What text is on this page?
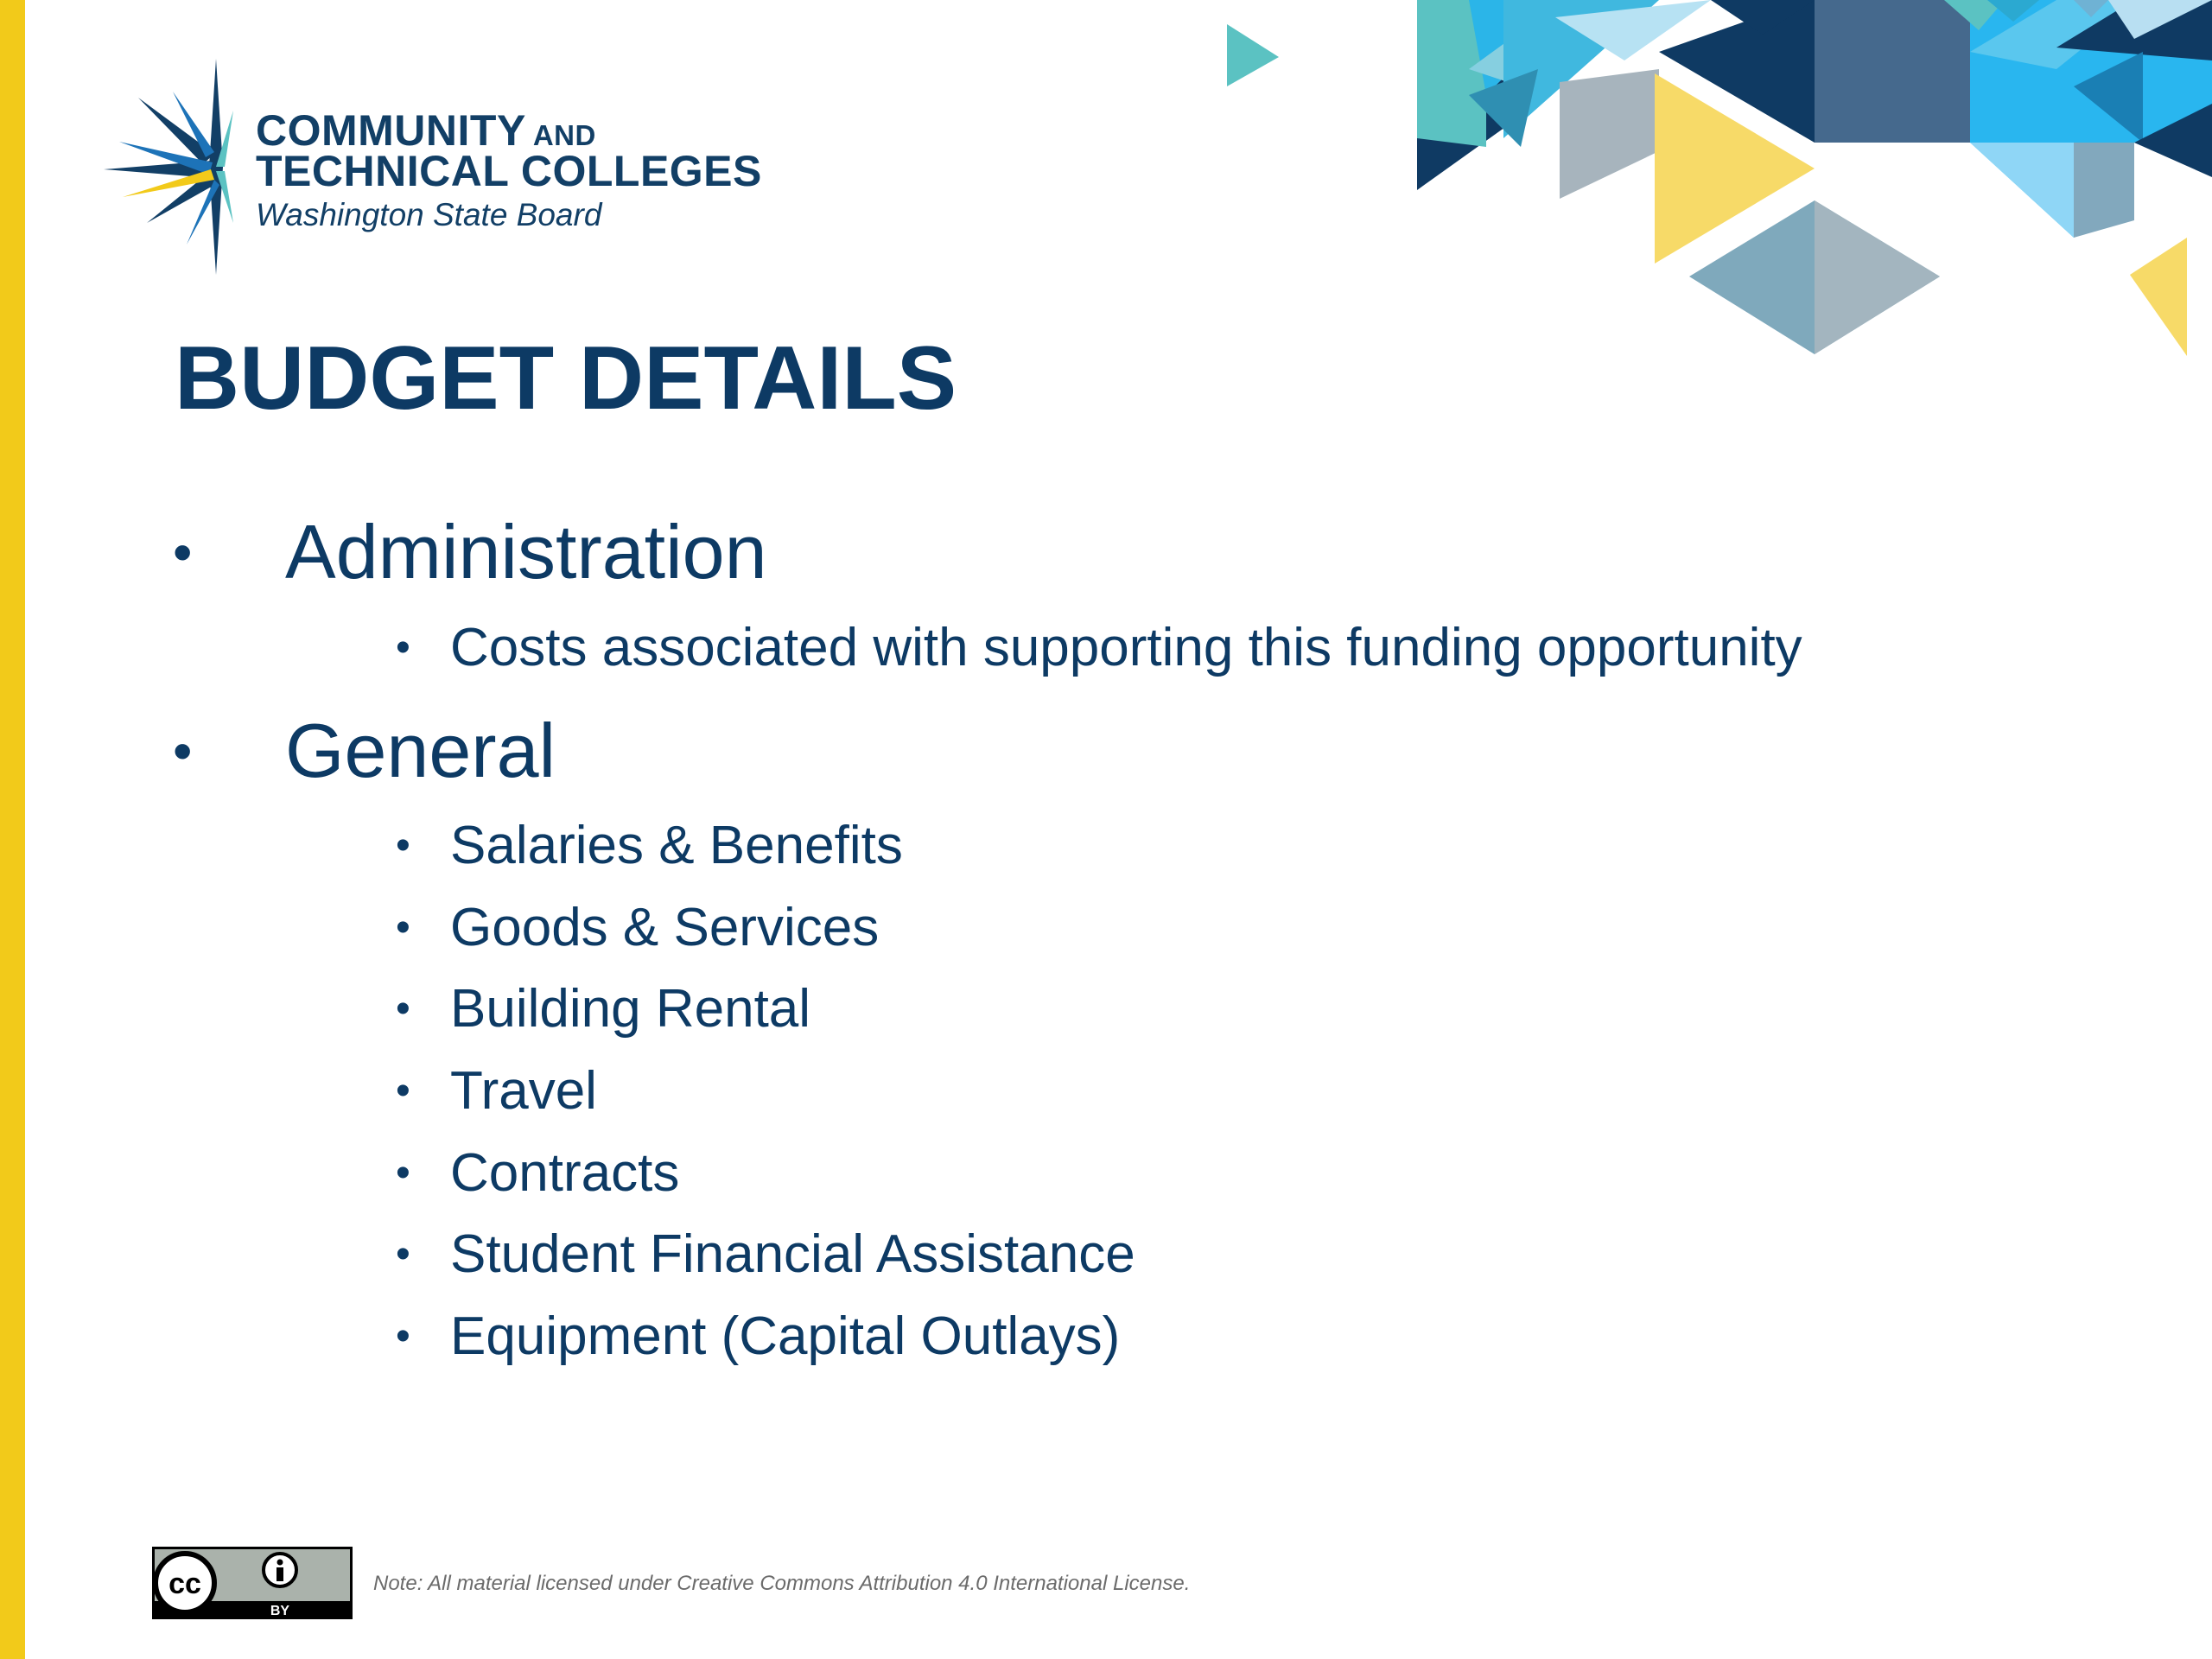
COMMUNITY AND
TECHNICAL COLLEGES
Washington State Board
BUDGET DETAILS
•	Administration
• Costs associated with supporting this funding opportunity
•	General
• Salaries & Benefits
• Goods & Services
• Building Rental
• Travel
• Contracts
• Student Financial Assistance
• Equipment (Capital Outlays)
cc
BY
Note: All material licensed under Creative Commons Attribution 4.0 International License.
